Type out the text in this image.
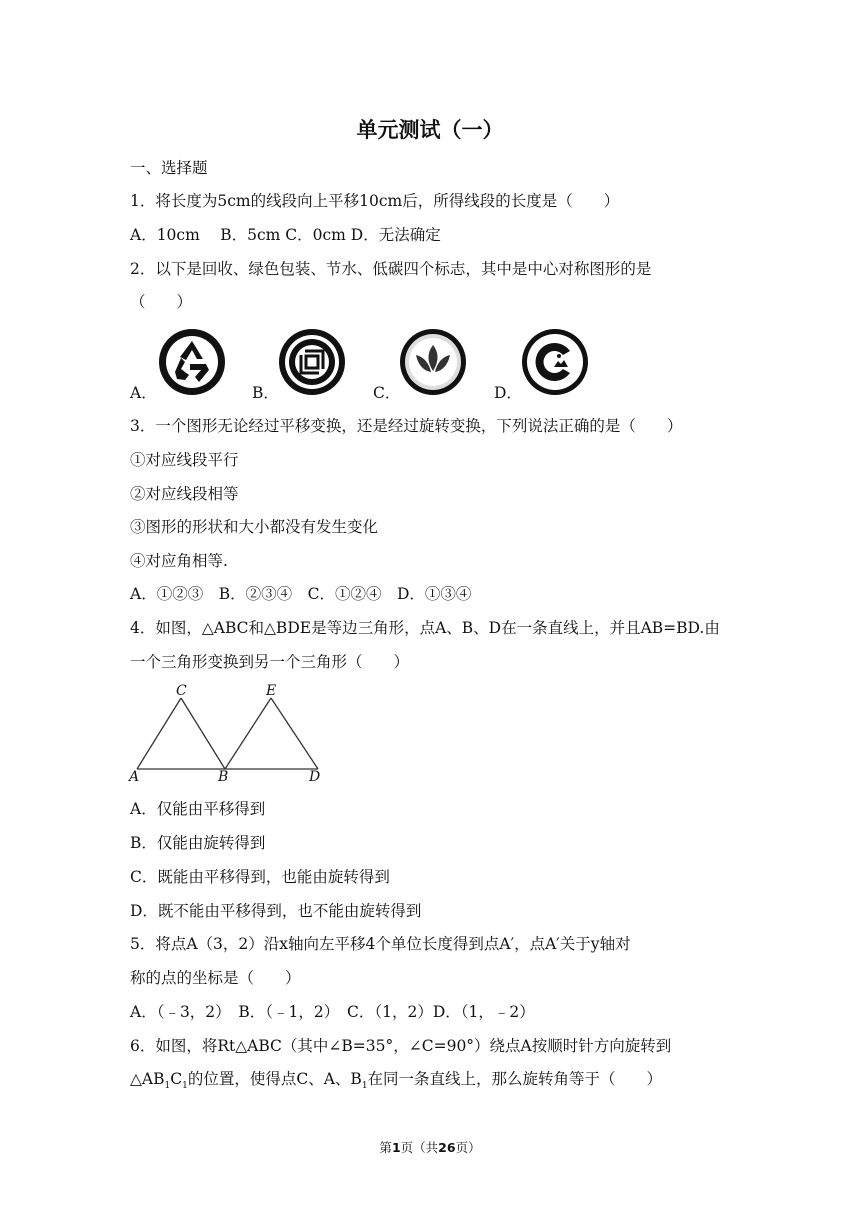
单元测试（一）
一、选择题
1．将长度为5cm的线段向上平移10cm后，所得线段的长度是（　　）
A．10cm　 B．5cm C．0cm D．无法确定
2．以下是回收、绿色包装、节水、低碳四个标志，其中是中心对称图形的是
（　　）
A．	B．	C．	D．
3．一个图形无论经过平移变换，还是经过旋转变换，下列说法正确的是（　　）
①对应线段平行
②对应线段相等
③图形的形状和大小都没有发生变化
④对应角相等.
A．①②③　B．②③④　C．①②④　D．①③④
4．如图，△ABC和△BDE是等边三角形，点A、B、D在一条直线上，并且AB=BD.由
一个三角形变换到另一个三角形（　　）
A	B
C
D
E
A．仅能由平移得到
B．仅能由旋转得到
C．既能由平移得到，也能由旋转得到
D．既不能由平移得到，也不能由旋转得到
5．将点A（3，2）沿x轴向左平移4个单位长度得到点A′，点A′关于y轴对
称的点的坐标是（　　）
A．（﹣3，2）　B．（﹣1，2）　C．（1，2）D．（1，﹣2）
6．如图，将Rt△ABC（其中∠B=35°，∠C=90°）绕点A按顺时针方向旋转到
$\triangle AB_1C_1$的位置，使得点C、A、$B_1$在同一条直线上，那么旋转角等于（　　）
第1页（共26页）
